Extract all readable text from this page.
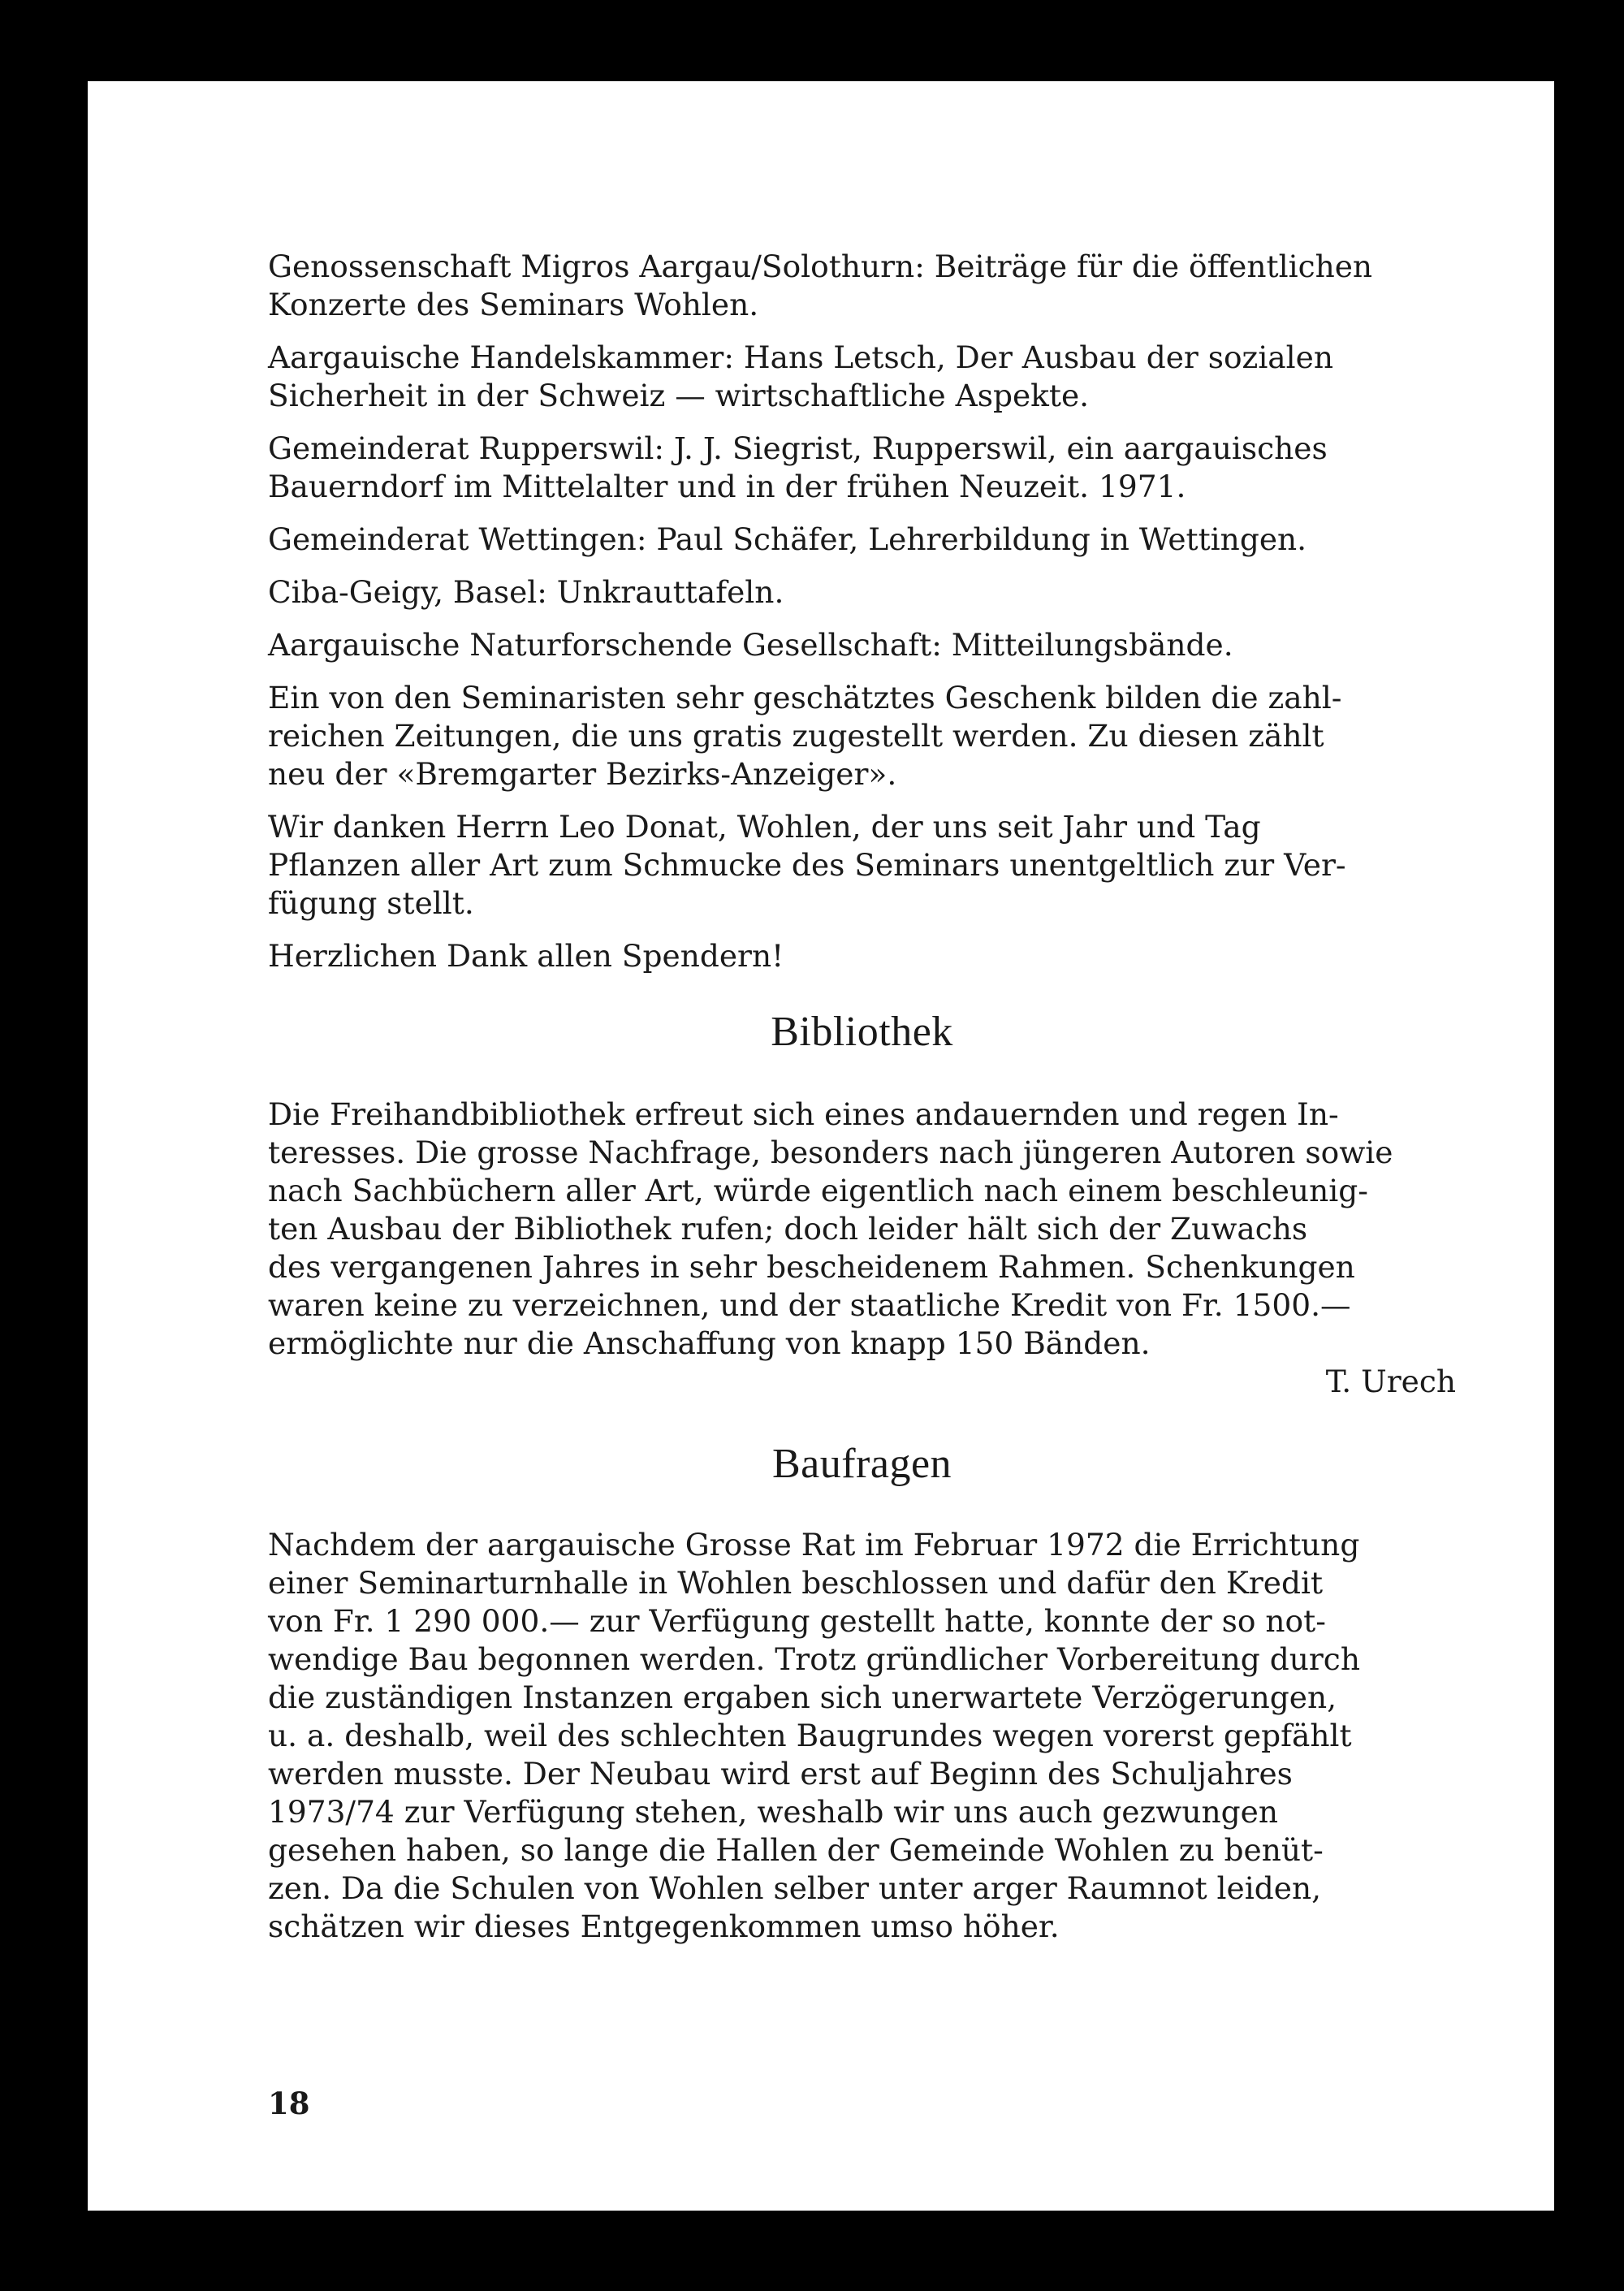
Genossenschaft Migros Aargau/Solothurn: Beiträge für die öffentlichen
Konzerte des Seminars Wohlen.

Aargauische Handelskammer: Hans Letsch, Der Ausbau der sozialen
Sicherheit in der Schweiz — wirtschaftliche Aspekte.

Gemeinderat Rupperswil: J. J. Siegrist, Rupperswil, ein aargauisches
Bauerndorf im Mittelalter und in der frühen Neuzeit. 1971.

Gemeinderat Wettingen: Paul Schäfer, Lehrerbildung in Wettingen.

Ciba-Geigy, Basel: Unkrauttafeln.

Aargauische Naturforschende Gesellschaft: Mitteilungsbände.

Ein von den Seminaristen sehr geschätztes Geschenk bilden die zahl-
reichen Zeitungen, die uns gratis zugestellt werden. Zu diesen zählt
neu der «Bremgarter Bezirks-Anzeiger».

Wir danken Herrn Leo Donat, Wohlen, der uns seit Jahr und Tag
Pflanzen aller Art zum Schmucke des Seminars unentgeltlich zur Ver-
fügung stellt.

Herzlichen Dank allen Spendern!

Bibliothek

Die Freihandbibliothek erfreut sich eines andauernden und regen In-
teresses. Die grosse Nachfrage, besonders nach jüngeren Autoren sowie
nach Sachbüchern aller Art, würde eigentlich nach einem beschleunig-
ten Ausbau der Bibliothek rufen; doch leider hält sich der Zuwachs
des vergangenen Jahres in sehr bescheidenem Rahmen. Schenkungen
waren keine zu verzeichnen, und der staatliche Kredit von Fr. 1500.—
ermöglichte nur die Anschaffung von knapp 150 Bänden.

T. Urech

Baufragen

Nachdem der aargauische Grosse Rat im Februar 1972 die Errichtung
einer Seminarturnhalle in Wohlen beschlossen und dafür den Kredit
von Fr. 1 290 000.— zur Verfügung gestellt hatte, konnte der so not-
wendige Bau begonnen werden. Trotz gründlicher Vorbereitung durch
die zuständigen Instanzen ergaben sich unerwartete Verzögerungen,
u. a. deshalb, weil des schlechten Baugrundes wegen vorerst gepfählt
werden musste. Der Neubau wird erst auf Beginn des Schuljahres
1973/74 zur Verfügung stehen, weshalb wir uns auch gezwungen
gesehen haben, so lange die Hallen der Gemeinde Wohlen zu benüt-
zen. Da die Schulen von Wohlen selber unter arger Raumnot leiden,
schätzen wir dieses Entgegenkommen umso höher.

18
